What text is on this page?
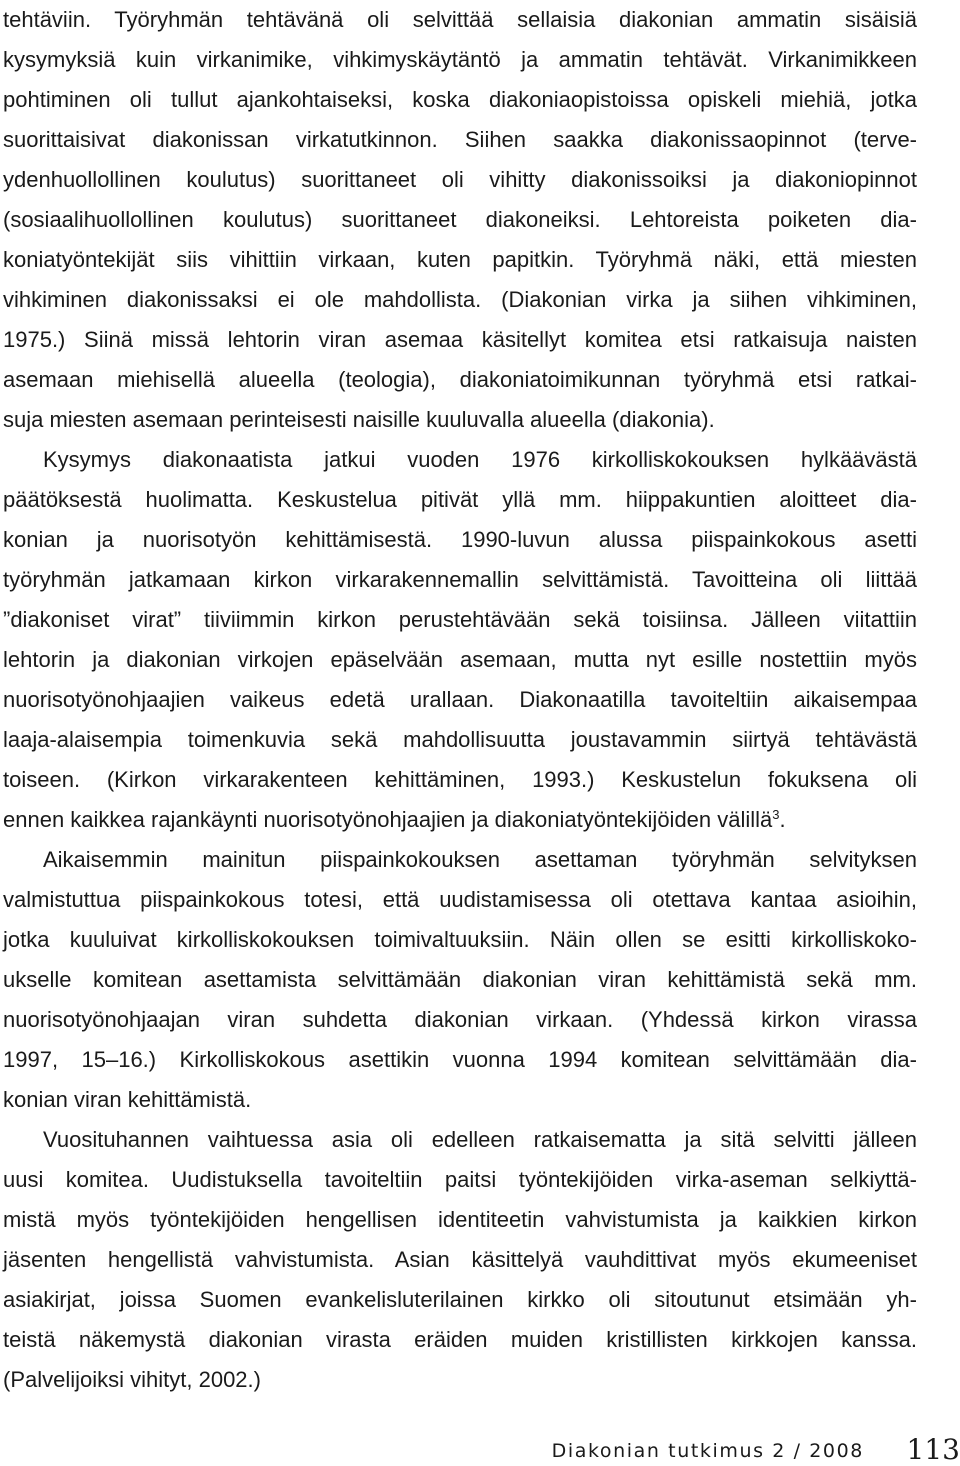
tehtäviin. Työryhmän tehtävänä oli selvittää sellaisia diakonian ammatin sisäisiä
kysymyksiä kuin virkanimike, vihkimyskäytäntö ja ammatin tehtävät. Virkanimikkeen
pohtiminen oli tullut ajankohtaiseksi, koska diakoniaopistoissa opiskeli miehiä, jotka
suorittaisivat diakonissan virkatutkinnon. Siihen saakka diakonissaopinnot (terve-
ydenhuollollinen koulutus) suorittaneet oli vihitty diakonissoiksi ja diakoniopinnot
(sosiaalihuollollinen koulutus) suorittaneet diakoneiksi. Lehtoreista poiketen dia-
koniatyöntekijät siis vihittiin virkaan, kuten papitkin. Työryhmä näki, että miesten
vihkiminen diakonissaksi ei ole mahdollista. (Diakonian virka ja siihen vihkiminen,
1975.) Siinä missä lehtorin viran asemaa käsitellyt komitea etsi ratkaisuja naisten
asemaan miehisellä alueella (teologia), diakoniatoimikunnan työryhmä etsi ratkai-
suja miesten asemaan perinteisesti naisille kuuluvalla alueella (diakonia).

Kysymys diakonaatista jatkui vuoden 1976 kirkolliskokouksen hylkäävästä
päätöksestä huolimatta. Keskustelua pitivät yllä mm. hiippakuntien aloitteet dia-
konian ja nuorisotyön kehittämisestä. 1990-luvun alussa piispainkokous asetti
työryhmän jatkamaan kirkon virkarakennemallin selvittämistä. Tavoitteina oli liittää
”diakoniset virat” tiiviimmin kirkon perustehtävään sekä toisiinsa. Jälleen viitattiin
lehtorin ja diakonian virkojen epäselvään asemaan, mutta nyt esille nostettiin myös
nuorisotyönohjaajien vaikeus edetä urallaan. Diakonaatilla tavoiteltiin aikaisempaa
laaja-alaisempia toimenkuvia sekä mahdollisuutta joustavammin siirtyä tehtävästä
toiseen. (Kirkon virkarakenteen kehittäminen, 1993.) Keskustelun fokuksena oli
ennen kaikkea rajankäynti nuorisotyönohjaajien ja diakoniatyöntekijöiden välillä$^3$.

Aikaisemmin mainitun piispainkokouksen asettaman työryhmän selvityksen
valmistuttua piispainkokous totesi, että uudistamisessa oli otettava kantaa asioihin,
jotka kuuluivat kirkolliskokouksen toimivaltuuksiin. Näin ollen se esitti kirkolliskoko-
ukselle komitean asettamista selvittämään diakonian viran kehittämistä sekä mm.
nuorisotyönohjaajan viran suhdetta diakonian virkaan. (Yhdessä kirkon virassa
1997, 15–16.) Kirkolliskokous asettikin vuonna 1994 komitean selvittämään dia-
konian viran kehittämistä.

Vuosituhannen vaihtuessa asia oli edelleen ratkaisematta ja sitä selvitti jälleen
uusi komitea. Uudistuksella tavoiteltiin paitsi työntekijöiden virka-aseman selkiyttä-
mistä myös työntekijöiden hengellisen identiteetin vahvistumista ja kaikkien kirkon
jäsenten hengellistä vahvistumista. Asian käsittelyä vauhdittivat myös ekumeeniset
asiakirjat, joissa Suomen evankelisluterilainen kirkko oli sitoutunut etsimään yh-
teistä näkemystä diakonian virasta eräiden muiden kristillisten kirkkojen kanssa.
(Palvelijoiksi vihityt, 2002.)

Diakonian tutkimus 2 / 2008 113
